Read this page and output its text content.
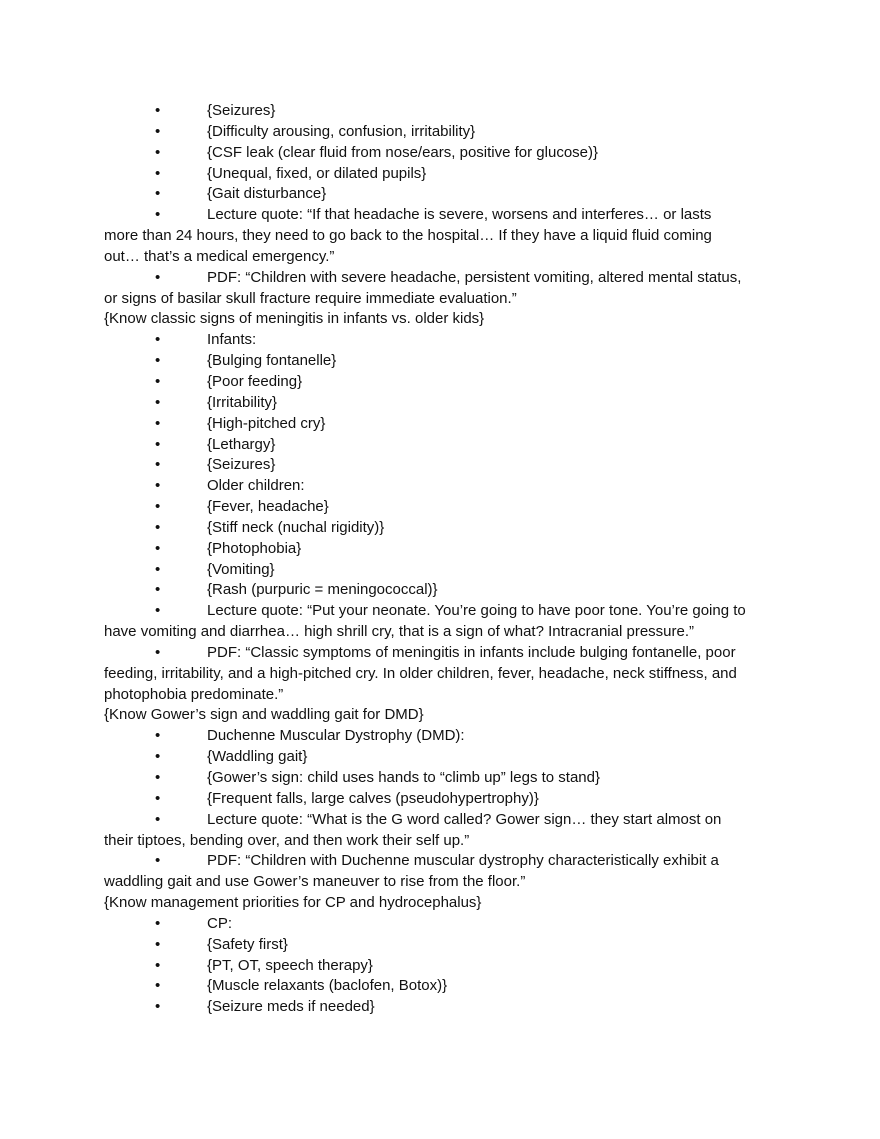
•	{Seizures}
•	{Difficulty arousing, confusion, irritability}
•	{CSF leak (clear fluid from nose/ears, positive for glucose)}
•	{Unequal, fixed, or dilated pupils}
•	{Gait disturbance}
•	Lecture quote: “If that headache is severe, worsens and interferes… or lasts
more than 24 hours, they need to go back to the hospital… If they have a liquid fluid coming
out… that’s a medical emergency.”
•	PDF: “Children with severe headache, persistent vomiting, altered mental status,
or signs of basilar skull fracture require immediate evaluation.”
{Know classic signs of meningitis in infants vs. older kids}
•	Infants:
•	{Bulging fontanelle}
•	{Poor feeding}
•	{Irritability}
•	{High-pitched cry}
•	{Lethargy}
•	{Seizures}
•	Older children:
•	{Fever, headache}
•	{Stiff neck (nuchal rigidity)}
•	{Photophobia}
•	{Vomiting}
•	{Rash (purpuric = meningococcal)}
•	Lecture quote: “Put your neonate. You’re going to have poor tone. You’re going to
have vomiting and diarrhea… high shrill cry, that is a sign of what? Intracranial pressure.”
•	PDF: “Classic symptoms of meningitis in infants include bulging fontanelle, poor
feeding, irritability, and a high-pitched cry. In older children, fever, headache, neck stiffness, and
photophobia predominate.”
{Know Gower’s sign and waddling gait for DMD}
•	Duchenne Muscular Dystrophy (DMD):
•	{Waddling gait}
•	{Gower’s sign: child uses hands to “climb up” legs to stand}
•	{Frequent falls, large calves (pseudohypertrophy)}
•	Lecture quote: “What is the G word called? Gower sign… they start almost on
their tiptoes, bending over, and then work their self up.”
•	PDF: “Children with Duchenne muscular dystrophy characteristically exhibit a
waddling gait and use Gower’s maneuver to rise from the floor.”
{Know management priorities for CP and hydrocephalus}
•	CP:
•	{Safety first}
•	{PT, OT, speech therapy}
•	{Muscle relaxants (baclofen, Botox)}
•	{Seizure meds if needed}
